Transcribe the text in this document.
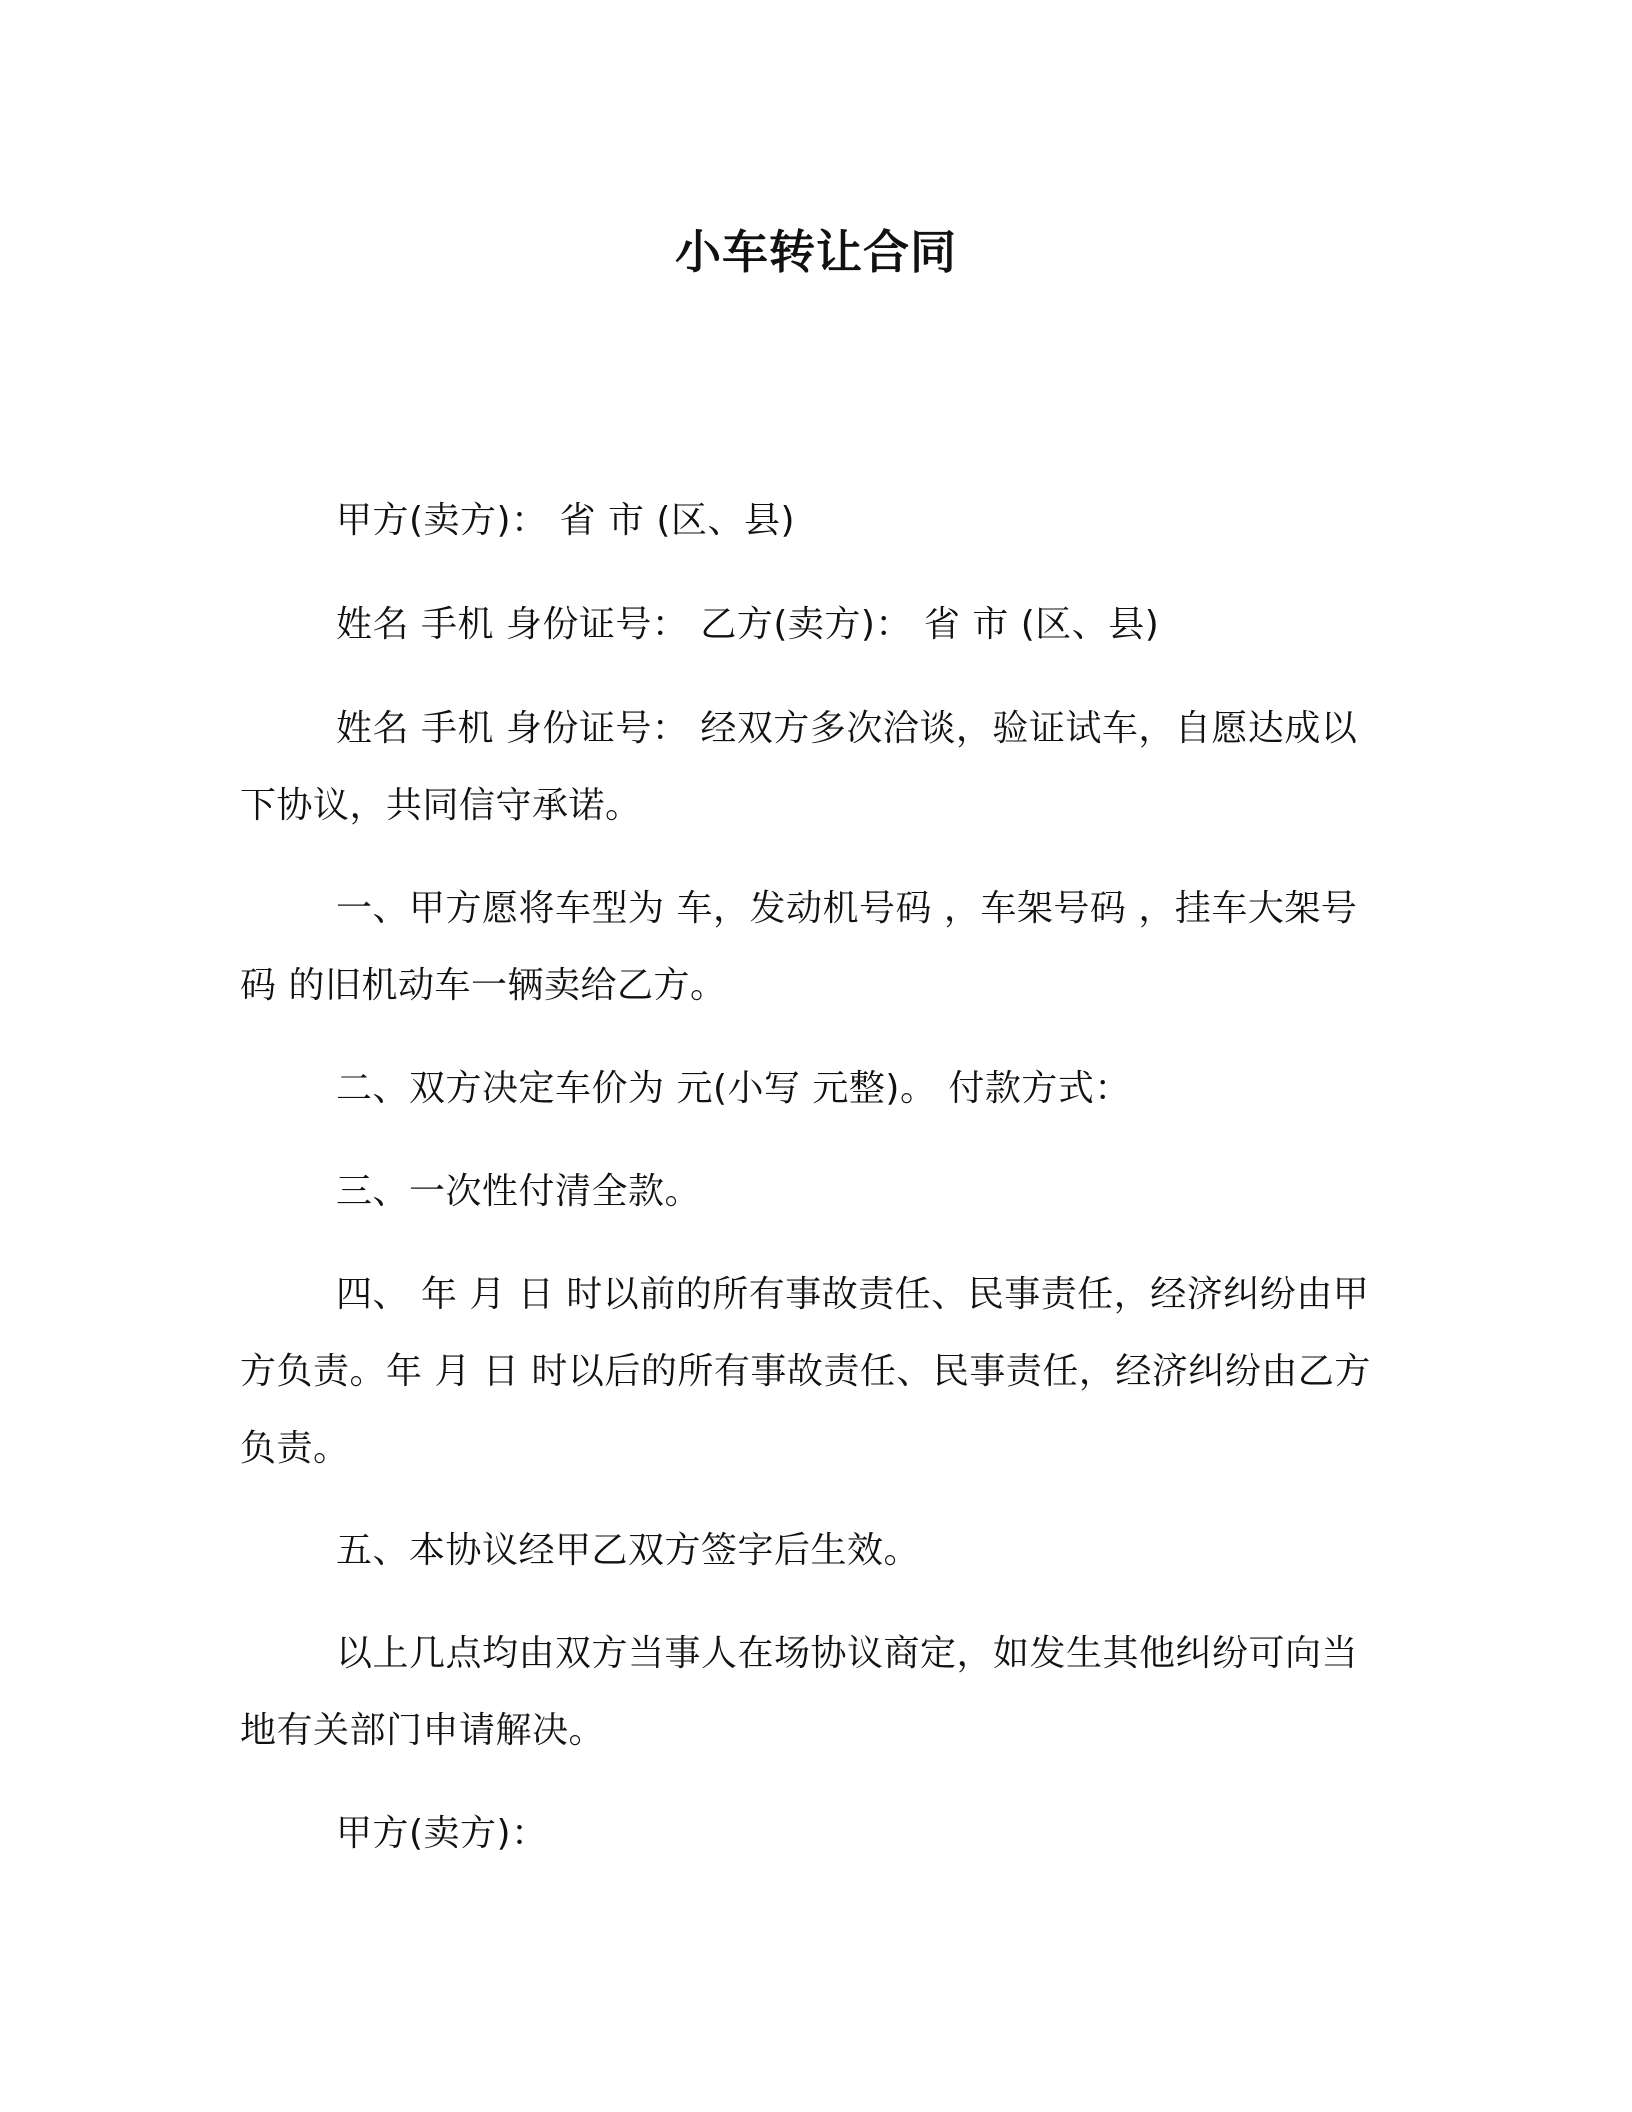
小车转让合同

甲方(卖方)： 省 市 (区、县)

姓名 手机 身份证号： 乙方(卖方)： 省 市 (区、县)

姓名 手机 身份证号： 经双方多次洽谈，验证试车，自愿达成以下协议，共同信守承诺。

一、甲方愿将车型为 车，发动机号码 ，车架号码 ，挂车大架号码 的旧机动车一辆卖给乙方。

二、双方决定车价为 元(小写 元整)。 付款方式：

三、一次性付清全款。

四、 年 月 日 时以前的所有事故责任、民事责任，经济纠纷由甲方负责。年 月 日 时以后的所有事故责任、民事责任，经济纠纷由乙方负责。

五、本协议经甲乙双方签字后生效。

以上几点均由双方当事人在场协议商定，如发生其他纠纷可向当地有关部门申请解决。

甲方(卖方)：
